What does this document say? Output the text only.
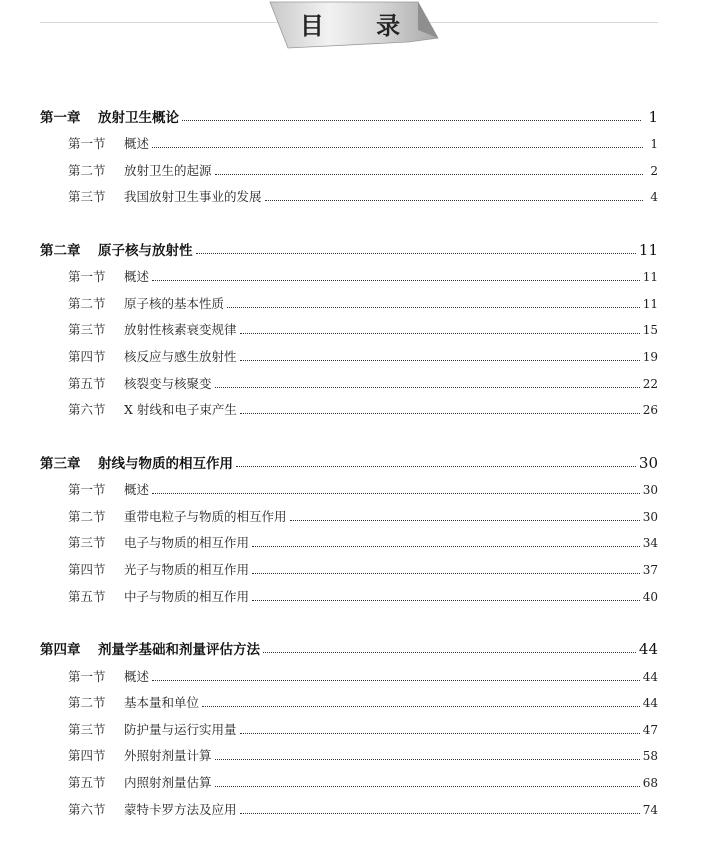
目 录
第一章	放射卫生概论	1
第一节	概述	1
第二节	放射卫生的起源	2
第三节	我国放射卫生事业的发展	4
第二章	原子核与放射性	11
第一节	概述	11
第二节	原子核的基本性质	11
第三节	放射性核素衰变规律	15
第四节	核反应与感生放射性	19
第五节	核裂变与核聚变	22
第六节	X 射线和电子束产生	26
第三章	射线与物质的相互作用	30
第一节	概述	30
第二节	重带电粒子与物质的相互作用	30
第三节	电子与物质的相互作用	34
第四节	光子与物质的相互作用	37
第五节	中子与物质的相互作用	40
第四章	剂量学基础和剂量评估方法	44
第一节	概述	44
第二节	基本量和单位	44
第三节	防护量与运行实用量	47
第四节	外照射剂量计算	58
第五节	内照射剂量估算	68
第六节	蒙特卡罗方法及应用	74
